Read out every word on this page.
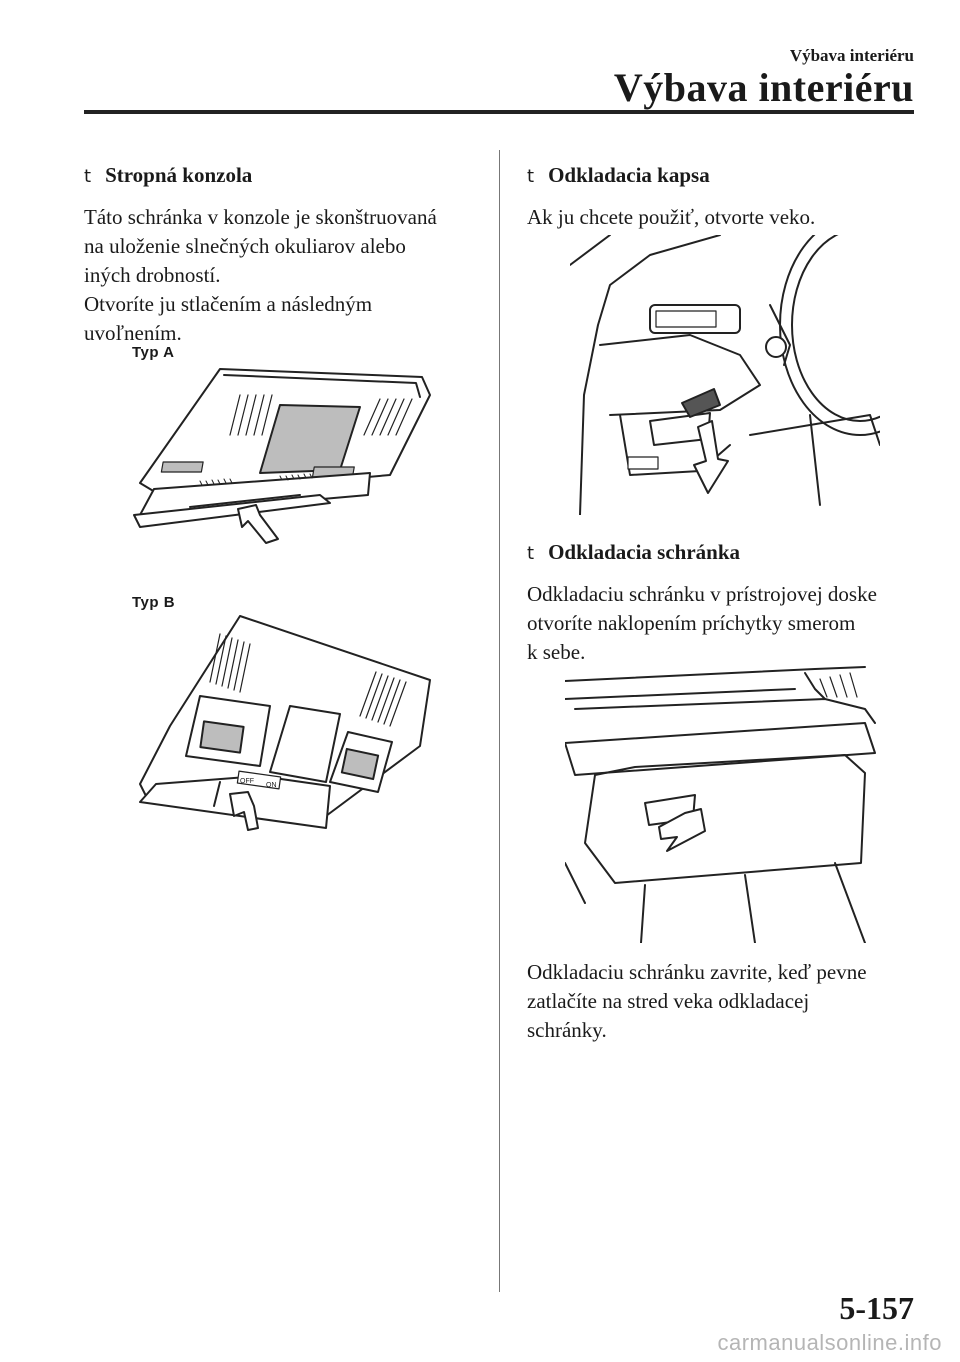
Výbava interiéru
Výbava interiéru
t Stropná konzola
Táto schránka v konzole je skonštruovaná
na uloženie slnečných okuliarov alebo
iných drobností.
Otvoríte ju stlačením a následným
uvoľnením.
Typ A
Typ B
OFF
ON
t Odkladacia kapsa
Ak ju chcete použiť, otvorte veko.
t Odkladacia schránka
Odkladaciu schránku v prístrojovej doske
otvoríte naklopením príchytky smerom
k sebe.
Odkladaciu schránku zavrite, keď pevne
zatlačíte na stred veka odkladacej
schránky.
5-157
carmanualsonline.info
